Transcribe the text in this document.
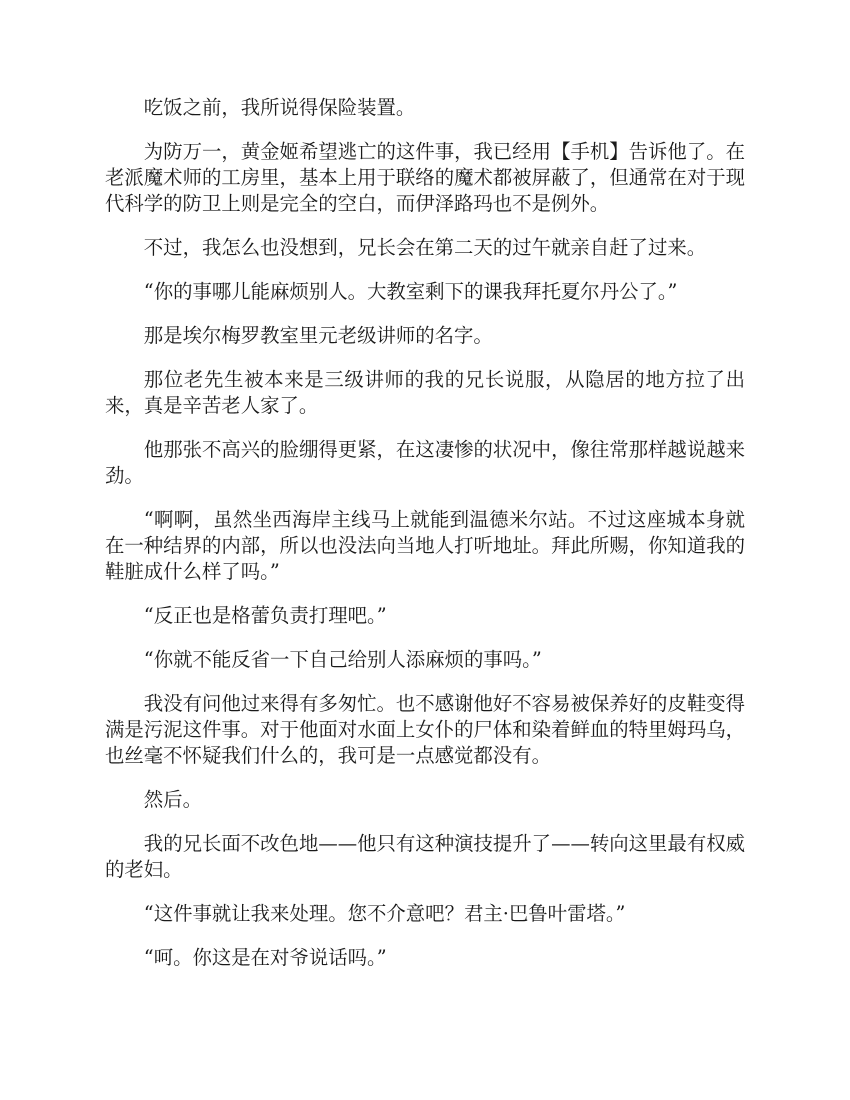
吃饭之前，我所说得保险装置。

为防万一，黄金姬希望逃亡的这件事，我已经用【手机】告诉他了。在老派魔术师的工房里，基本上用于联络的魔术都被屏蔽了，但通常在对于现代科学的防卫上则是完全的空白，而伊泽路玛也不是例外。

不过，我怎么也没想到，兄长会在第二天的过午就亲自赶了过来。

“你的事哪儿能麻烦别人。大教室剩下的课我拜托夏尔丹公了。”

那是埃尔梅罗教室里元老级讲师的名字。

那位老先生被本来是三级讲师的我的兄长说服，从隐居的地方拉了出来，真是辛苦老人家了。

他那张不高兴的脸绷得更紧，在这凄惨的状况中，像往常那样越说越来劲。

“啊啊，虽然坐西海岸主线马上就能到温德米尔站。不过这座城本身就在一种结界的内部，所以也没法向当地人打听地址。拜此所赐，你知道我的鞋脏成什么样了吗。”

“反正也是格蕾负责打理吧。”

“你就不能反省一下自己给别人添麻烦的事吗。”

我没有问他过来得有多匆忙。也不感谢他好不容易被保养好的皮鞋变得满是污泥这件事。对于他面对水面上女仆的尸体和染着鲜血的特里姆玛乌，也丝毫不怀疑我们什么的，我可是一点感觉都没有。

然后。

我的兄长面不改色地——他只有这种演技提升了——转向这里最有权威的老妇。

“这件事就让我来处理。您不介意吧？君主·巴鲁叶雷塔。”

“呵。你这是在对爷说话吗。”
